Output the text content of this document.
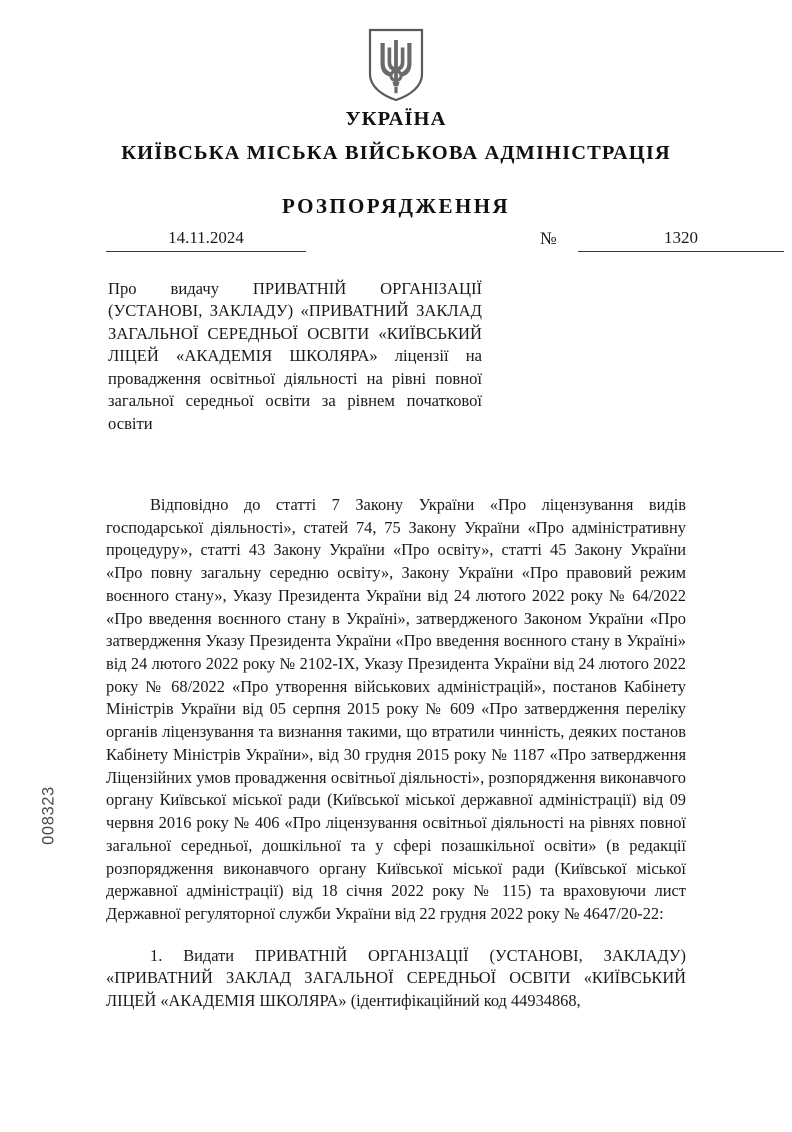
008323
УКРАЇНА
КИЇВСЬКА МІСЬКА ВІЙСЬКОВА АДМІНІСТРАЦІЯ
РОЗПОРЯДЖЕННЯ
14.11.2024	№	1320
Про видачу ПРИВАТНІЙ ОРГАНІЗАЦІЇ (УСТАНОВІ, ЗАКЛАДУ) «ПРИВАТНИЙ ЗАКЛАД ЗАГАЛЬНОЇ СЕРЕДНЬОЇ ОСВІТИ «КИЇВСЬКИЙ ЛІЦЕЙ «АКАДЕМІЯ ШКОЛЯРА» ліцензії на провадження освітньої діяльності на рівні повної загальної середньої освіти за рівнем початкової освіти

Відповідно до статті 7 Закону України «Про ліцензування видів господарської діяльності», статей 74, 75 Закону України «Про адміністративну процедуру», статті 43 Закону України «Про освіту», статті 45 Закону України «Про повну загальну середню освіту», Закону України «Про правовий режим воєнного стану», Указу Президента України від 24 лютого 2022 року № 64/2022 «Про введення воєнного стану в Україні», затвердженого Законом України «Про затвердження Указу Президента України «Про введення воєнного стану в Україні» від 24 лютого 2022 року № 2102-IX, Указу Президента України від 24 лютого 2022 року № 68/2022 «Про утворення військових адміністрацій», постанов Кабінету Міністрів України від 05 серпня 2015 року № 609 «Про затвердження переліку органів ліцензування та визнання такими, що втратили чинність, деяких постанов Кабінету Міністрів України», від 30 грудня 2015 року № 1187 «Про затвердження Ліцензійних умов провадження освітньої діяльності», розпорядження виконавчого органу Київської міської ради (Київської міської державної адміністрації) від 09 червня 2016 року № 406 «Про ліцензування освітньої діяльності на рівнях повної загальної середньої, дошкільної та у сфері позашкільної освіти» (в редакції розпорядження виконавчого органу Київської міської ради (Київської міської державної адміністрації) від 18 січня 2022 року № 115) та враховуючи лист Державної регуляторної служби України від 22 грудня 2022 року № 4647/20-22:

1. Видати ПРИВАТНІЙ ОРГАНІЗАЦІЇ (УСТАНОВІ, ЗАКЛАДУ) «ПРИВАТНИЙ ЗАКЛАД ЗАГАЛЬНОЇ СЕРЕДНЬОЇ ОСВІТИ «КИЇВСЬКИЙ ЛІЦЕЙ «АКАДЕМІЯ ШКОЛЯРА» (ідентифікаційний код 44934868,
